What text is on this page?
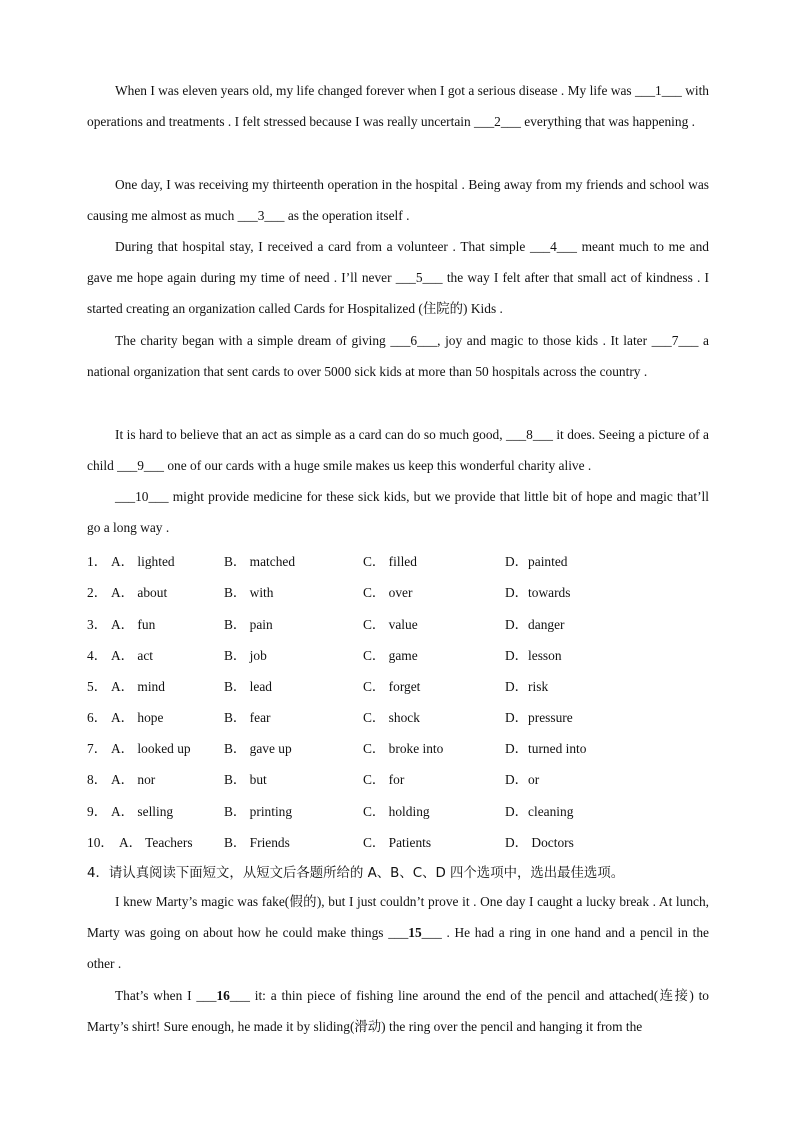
When I was eleven years old, my life changed forever when I got a serious disease . My life was ___1___ with operations and treatments . I felt stressed because I was really uncertain ___2___ everything that was happening .
One day, I was receiving my thirteenth operation in the hospital . Being away from my friends and school was causing me almost as much ___3___ as the operation itself .
During that hospital stay, I received a card from a volunteer . That simple ___4___ meant much to me and gave me hope again during my time of need . I’ll never ___5___ the way I felt after that small act of kindness . I started creating an organization called Cards for Hospitalized (住院的) Kids .
The charity began with a simple dream of giving ___6___, joy and magic to those kids . It later ___7___ a national organization that sent cards to over 5000 sick kids at more than 50 hospitals across the country .
It is hard to believe that an act as simple as a card can do so much good, ___8___ it does. Seeing a picture of a child ___9___ one of our cards with a huge smile makes us keep this wonderful charity alive .
___10___ might provide medicine for these sick kids, but we provide that little bit of hope and magic that’ll go a long way .
1． A． lighted	B． matched	C． filled	D．painted
2． A． about	B． with	C． over	D．towards
3． A． fun	B． pain	C． value	D．danger
4． A． act	B． job	C． game	D．lesson
5． A． mind	B． lead	C． forget	D．risk
6． A． hope	B． fear	C． shock	D．pressure
7． A． looked up B． gave up	C． broke into	D．turned into
8． A． nor	B． but	C． for	D．or
9． A． selling	B． printing	C． holding	D．cleaning
10． A． Teachers B． Friends	C． Patients	D． Doctors
4．请认真阅读下面短文，从短文后各题所给的 A、B、C、D 四个选项中，选出最佳选项。
I knew Marty’s magic was fake(假的), but I just couldn’t prove it . One day I caught a lucky break . At lunch, Marty was going on about how he could make things ___15___ . He had a ring in one hand and a pencil in the other .
That’s when I ___16___ it: a thin piece of fishing line around the end of the pencil and attached(连接) to Marty’s shirt! Sure enough, he made it by sliding(滑动) the ring over the pencil and hanging it from the
